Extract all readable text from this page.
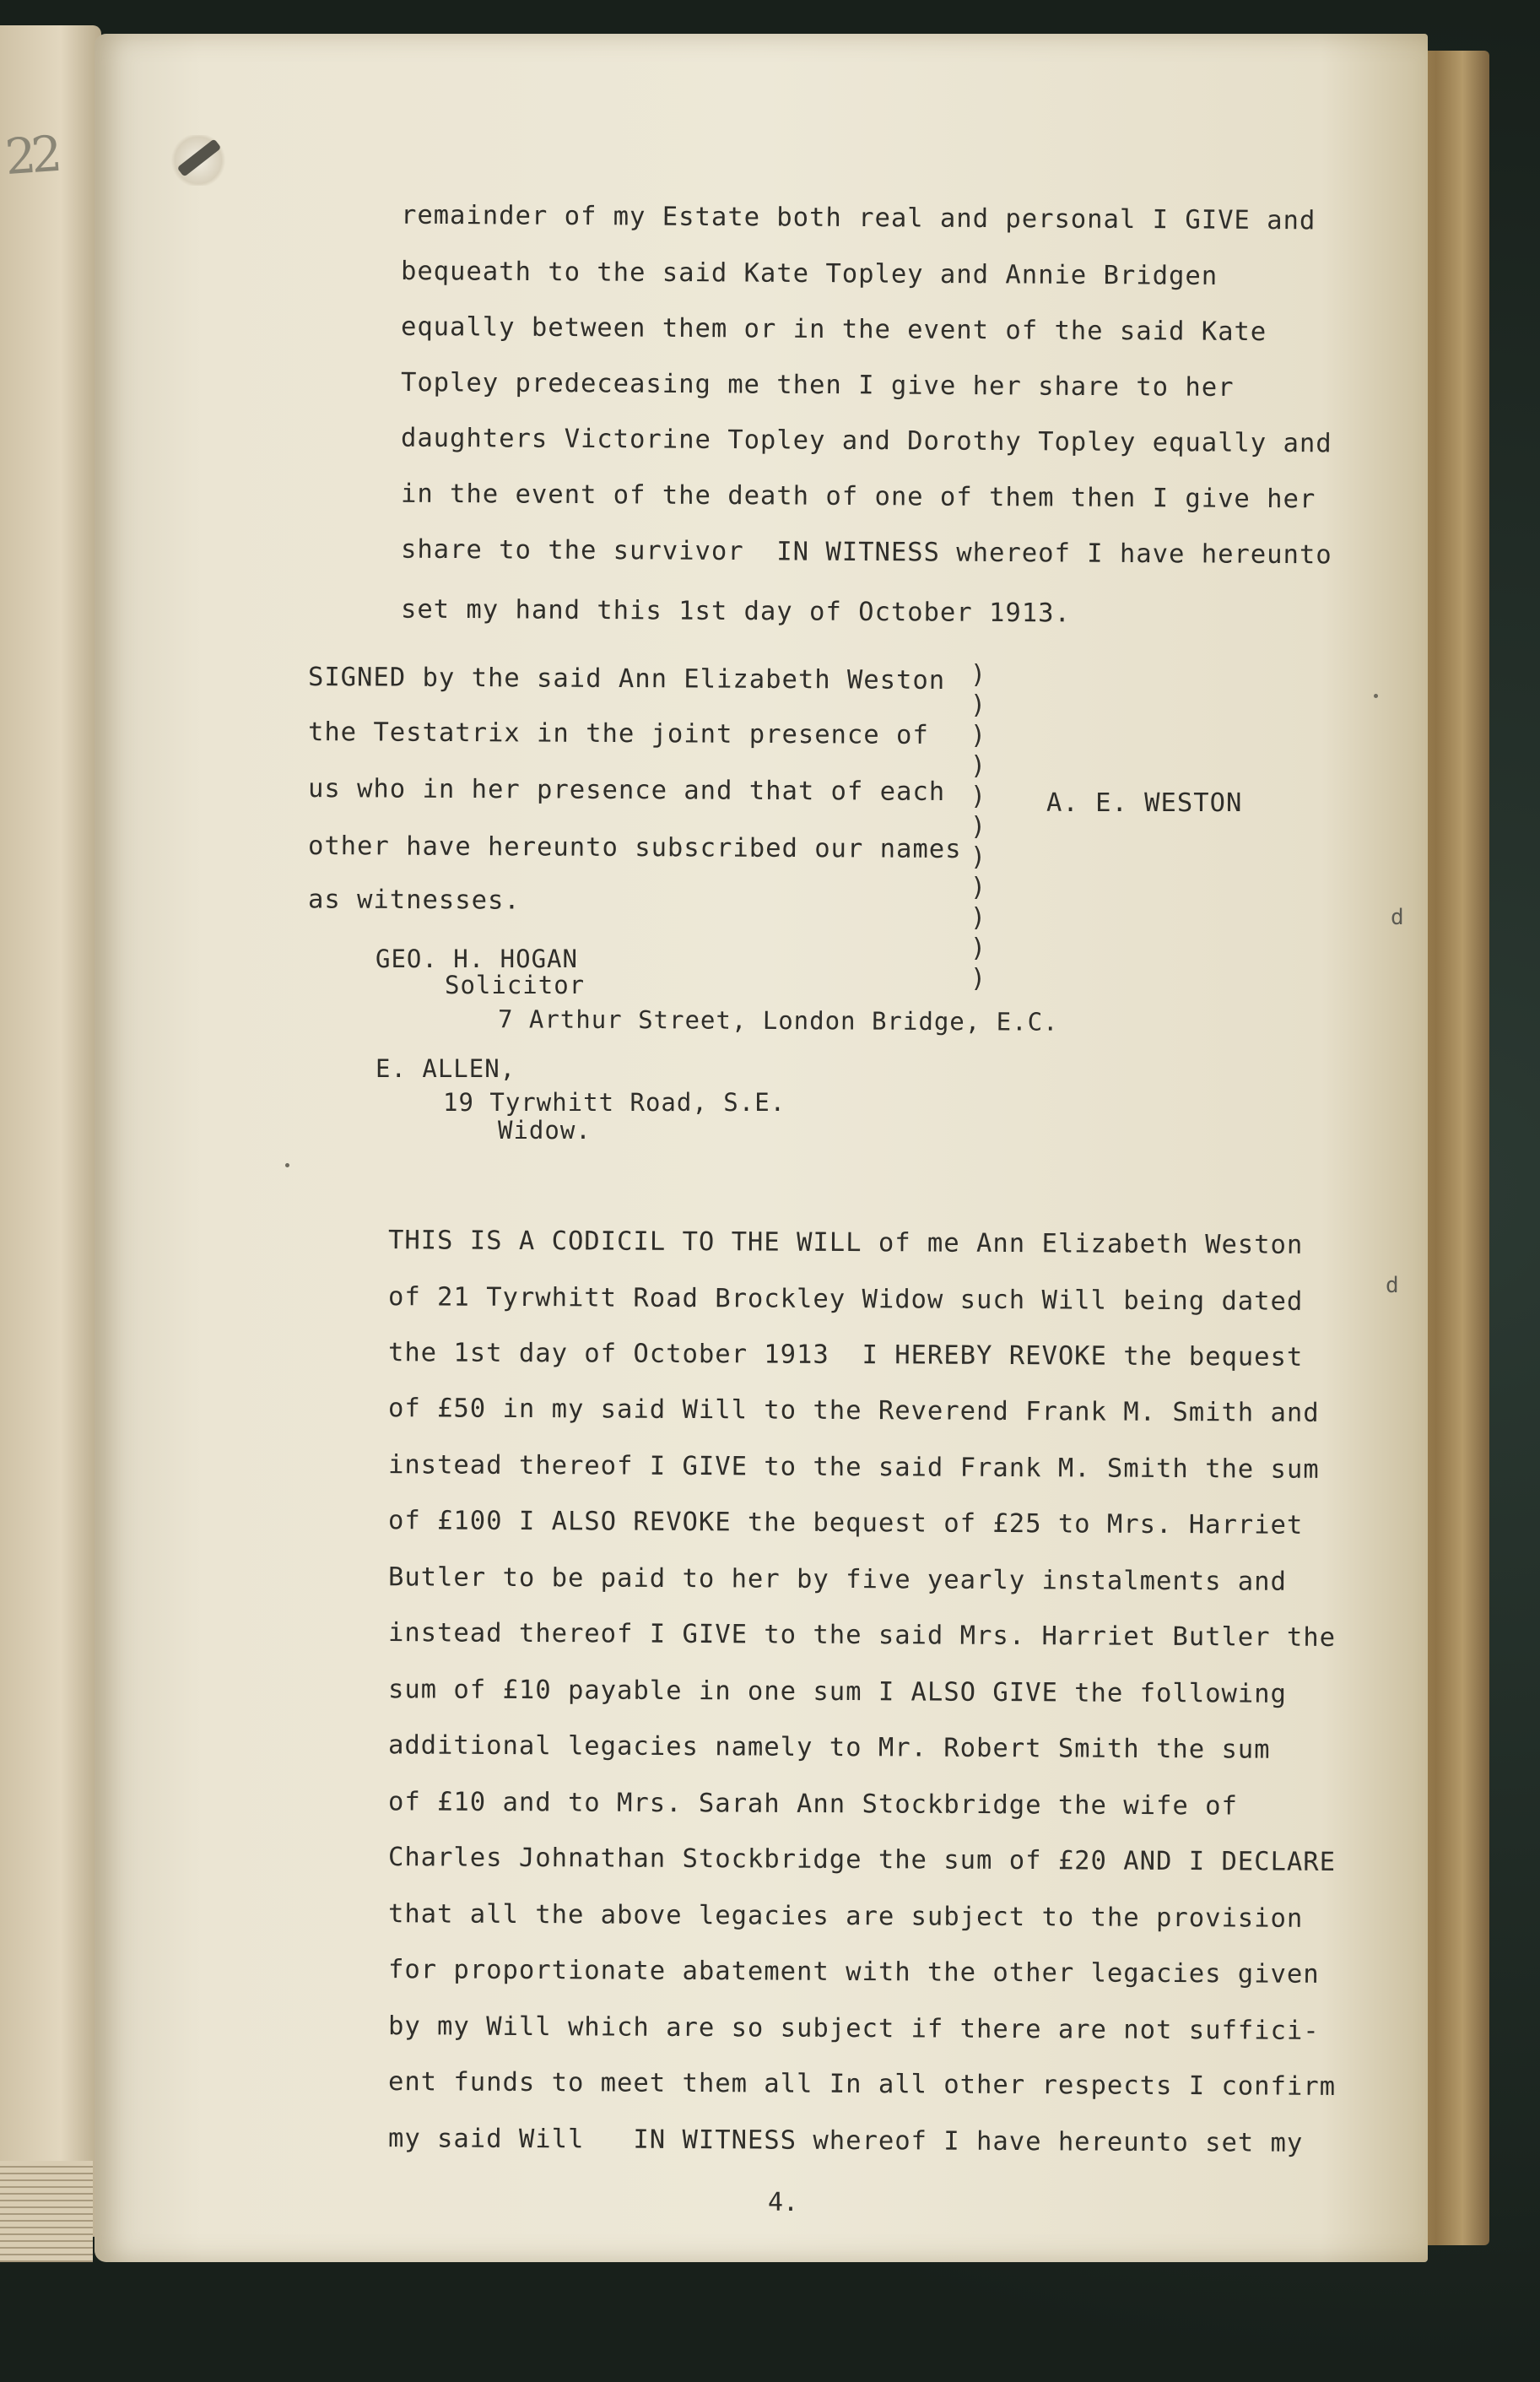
22
remainder of my Estate both real and personal I GIVE and
bequeath to the said Kate Topley and Annie Bridgen
equally between them or in the event of the said Kate
Topley predeceasing me then I give her share to her
daughters Victorine Topley and Dorothy Topley equally and
in the event of the death of one of them then I give her
share to the survivor  IN WITNESS whereof I have hereunto
set my hand this 1st day of October 1913.
SIGNED by the said Ann Elizabeth Weston
the Testatrix in the joint presence of
us who in her presence and that of each
other have hereunto subscribed our names
as witnesses.
)
)
)
)
)
)
)
)
)
)
)
A. E. WESTON
GEO. H. HOGAN
Solicitor
7 Arthur Street, London Bridge, E.C.
E. ALLEN,
19 Tyrwhitt Road, S.E.
Widow.
THIS IS A CODICIL TO THE WILL of me Ann Elizabeth Weston
of 21 Tyrwhitt Road Brockley Widow such Will being dated
the 1st day of October 1913  I HEREBY REVOKE the bequest
of £50 in my said Will to the Reverend Frank M. Smith and
instead thereof I GIVE to the said Frank M. Smith the sum
of £100 I ALSO REVOKE the bequest of £25 to Mrs. Harriet
Butler to be paid to her by five yearly instalments and
instead thereof I GIVE to the said Mrs. Harriet Butler the
sum of £10 payable in one sum I ALSO GIVE the following
additional legacies namely to Mr. Robert Smith the sum
of £10 and to Mrs. Sarah Ann Stockbridge the wife of
Charles Johnathan Stockbridge the sum of £20 AND I DECLARE
that all the above legacies are subject to the provision
for proportionate abatement with the other legacies given
by my Will which are so subject if there are not suffici-
ent funds to meet them all In all other respects I confirm
my said Will   IN WITNESS whereof I have hereunto set my
d
d
4.
